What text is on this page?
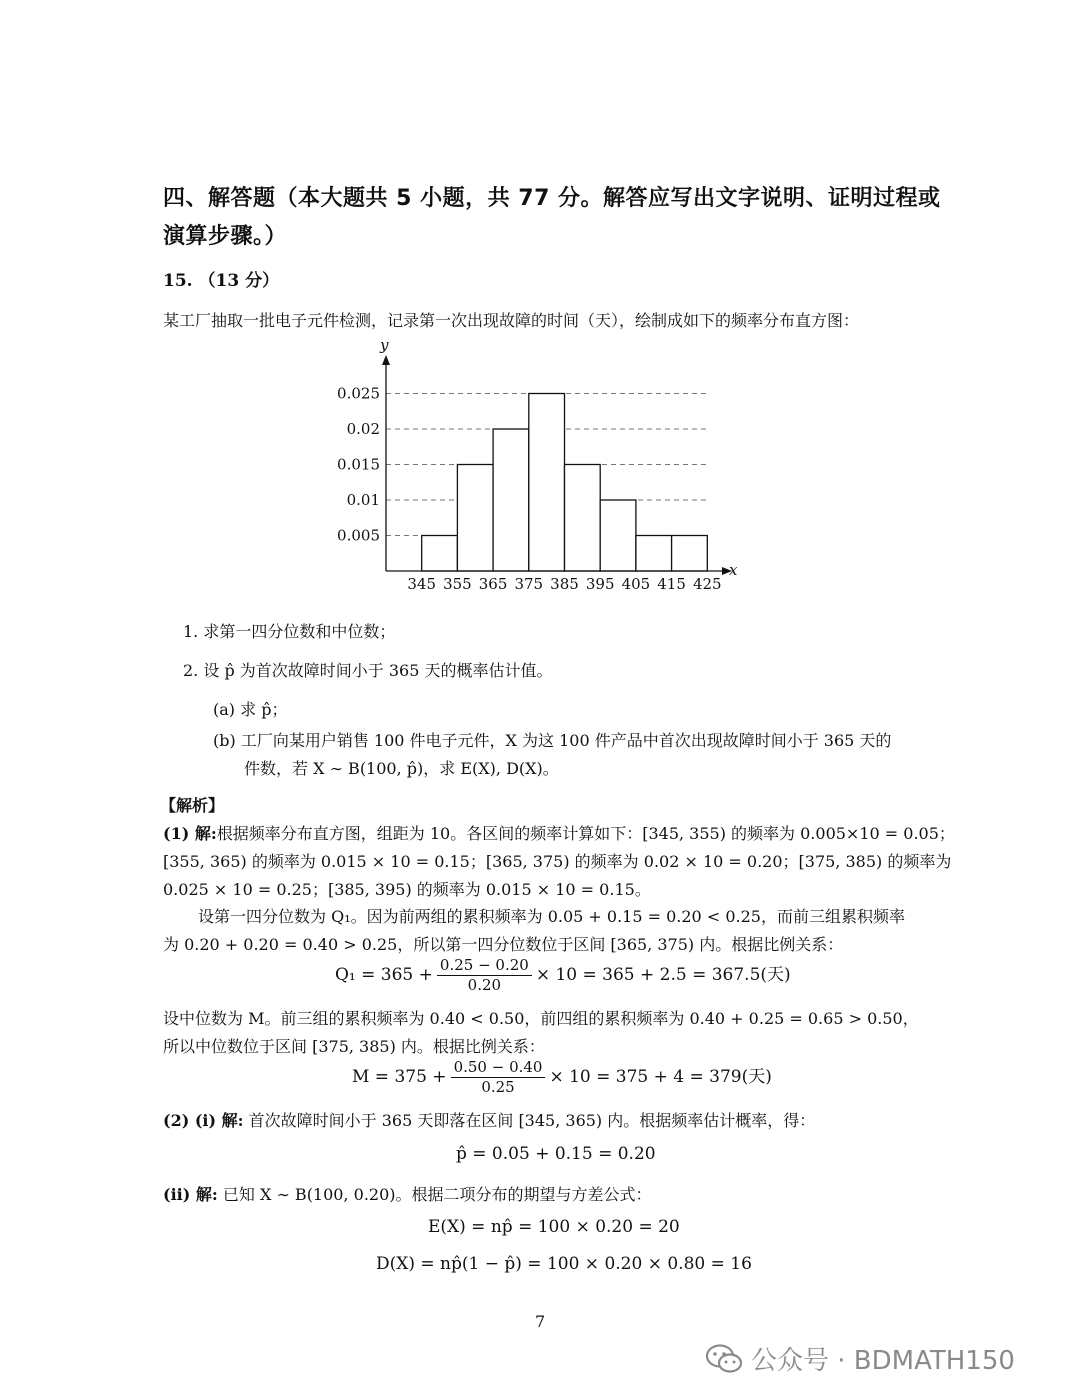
四、解答题（本大题共 5 小题，共 77 分。解答应写出文字说明、证明过程或
演算步骤。）
15. （13 分）
某工厂抽取一批电子元件检测，记录第一次出现故障的时间（天），绘制成如下的频率分布直方图：
y
x
0.005
0.01
0.015
0.02
0.025
345 355 365 375 385 395 405 415 425
1. 求第一四分位数和中位数；
2. 设 p̂ 为首次故障时间小于 365 天的概率估计值。
(a) 求 p̂；
(b) 工厂向某用户销售 100 件电子元件，X 为这 100 件产品中首次出现故障时间小于 365 天的
件数，若 X ∼ B(100, p̂)，求 E(X), D(X)。
【解析】
(1) 解:根据频率分布直方图，组距为 10。各区间的频率计算如下：[345, 355) 的频率为 0.005×10 = 0.05；
[355, 365) 的频率为 0.015 × 10 = 0.15；[365, 375) 的频率为 0.02 × 10 = 0.20；[375, 385) 的频率为
0.025 × 10 = 0.25；[385, 395) 的频率为 0.015 × 10 = 0.15。
设第一四分位数为 Q₁。因为前两组的累积频率为 0.05 + 0.15 = 0.20 < 0.25，而前三组累积频率
为 0.20 + 0.20 = 0.40 > 0.25，所以第一四分位数位于区间 [365, 375) 内。根据比例关系：
$Q_1 = 365 + \frac{0.25 - 0.20}{0.20} \times 10 = 365 + 2.5 = 367.5$(天)
设中位数为 M。前三组的累积频率为 0.40 < 0.50，前四组的累积频率为 0.40 + 0.25 = 0.65 > 0.50，
所以中位数位于区间 [375, 385) 内。根据比例关系：
$M = 375 + \frac{0.50 - 0.40}{0.25} \times 10 = 375 + 4 = 379$(天)
(2) (i) 解: 首次故障时间小于 365 天即落在区间 [345, 365) 内。根据频率估计概率，得：
p̂ = 0.05 + 0.15 = 0.20
(ii) 解: 已知 X ∼ B(100, 0.20)。根据二项分布的期望与方差公式：
E(X) = np̂ = 100 × 0.20 = 20
D(X) = np̂(1 − p̂) = 100 × 0.20 × 0.80 = 16
7
公众号 · BDMATH150
